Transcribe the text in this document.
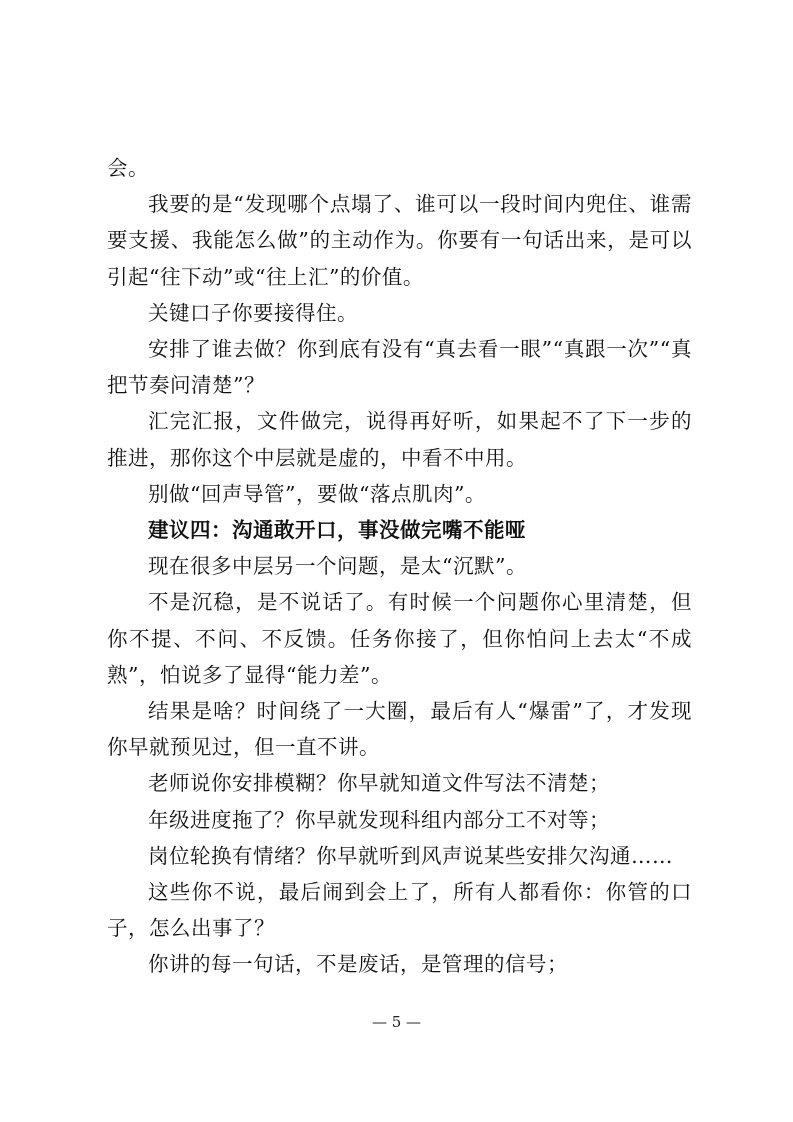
会。

我要的是“发现哪个点塌了、谁可以一段时间内兜住、谁需要支援、我能怎么做”的主动作为。你要有一句话出来，是可以引起“往下动”或“往上汇”的价值。

关键口子你要接得住。

安排了谁去做？你到底有没有“真去看一眼”“真跟一次”“真把节奏问清楚”？

汇完汇报，文件做完，说得再好听，如果起不了下一步的推进，那你这个中层就是虚的，中看不中用。

别做“回声导管”，要做“落点肌肉”。

建议四：沟通敢开口，事没做完嘴不能哑

现在很多中层另一个问题，是太“沉默”。

不是沉稳，是不说话了。有时候一个问题你心里清楚，但你不提、不问、不反馈。任务你接了，但你怕问上去太“不成熟”，怕说多了显得“能力差”。

结果是啥？时间绕了一大圈，最后有人“爆雷”了，才发现你早就预见过，但一直不讲。

老师说你安排模糊？你早就知道文件写法不清楚；

年级进度拖了？你早就发现科组内部分工不对等；

岗位轮换有情绪？你早就听到风声说某些安排欠沟通……

这些你不说，最后闹到会上了，所有人都看你：你管的口子，怎么出事了？

你讲的每一句话，不是废话，是管理的信号；

— 5 —
